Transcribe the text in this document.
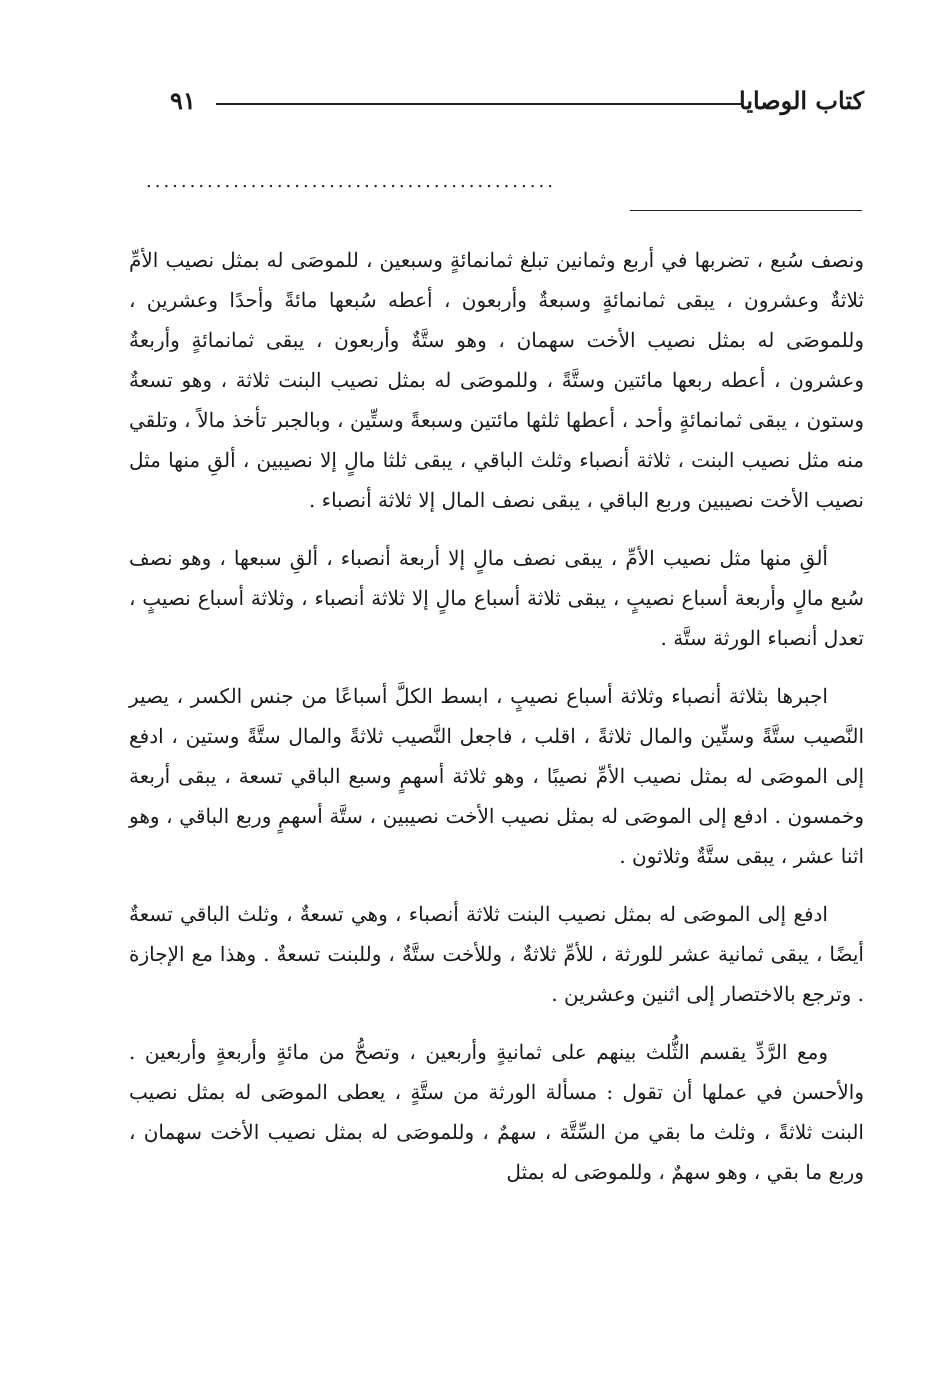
كتاب الوصايا
٩١
...............................................

ونصف سُبع ، تضربها في أربع وثمانين تبلغ ثمانمائةٍ وسبعين ، للموصَى له بمثل نصيب الأمِّ ثلاثةٌ وعشرون ، يبقى ثمانمائةٍ وسبعةٌ وأربعون ، أعطه سُبعها مائةً وأحدًا وعشرين ، وللموصَى له بمثل نصيب الأخت سهمان ، وهو ستَّةٌ وأربعون ، يبقى ثمانمائةٍ وأربعةٌ وعشرون ، أعطه ربعها مائتين وستَّةً ، وللموصَى له بمثل نصيب البنت ثلاثة ، وهو تسعةٌ وستون ، يبقى ثمانمائةٍ وأحد ، أعطها ثلثها مائتين وسبعةً وستِّين ، وبالجبر تأخذ مالاً ، وتلقي منه مثل نصيب البنت ، ثلاثة أنصباء وثلث الباقي ، يبقى ثلثا مالٍ إلا نصيبين ، ألقِ منها مثل نصيب الأخت نصيبين وربع الباقي ، يبقى نصف المال إلا ثلاثة أنصباء .

ألقِ منها مثل نصيب الأمِّ ، يبقى نصف مالٍ إلا أربعة أنصباء ، ألقِ سبعها ، وهو نصف سُبع مالٍ وأربعة أسباع نصيبٍ ، يبقى ثلاثة أسباع مالٍ إلا ثلاثة أنصباء ، وثلاثة أسباع نصيبٍ ، تعدل أنصباء الورثة ستَّة .

اجبرها بثلاثة أنصباء وثلاثة أسباع نصيبٍ ، ابسط الكلَّ أسباعًا من جنس الكسر ، يصير النَّصيب ستَّةً وستِّين والمال ثلاثةً ، اقلب ، فاجعل النَّصيب ثلاثةً والمال ستَّةً وستين ، ادفع إلى الموصَى له بمثل نصيب الأمِّ نصيبًا ، وهو ثلاثة أسهمٍ وسبع الباقي تسعة ، يبقى أربعة وخمسون . ادفع إلى الموصَى له بمثل نصيب الأخت نصيبين ، ستَّة أسهمٍ وربع الباقي ، وهو اثنا عشر ، يبقى ستَّةٌ وثلاثون .

ادفع إلى الموصَى له بمثل نصيب البنت ثلاثة أنصباء ، وهي تسعةٌ ، وثلث الباقي تسعةٌ أيضًا ، يبقى ثمانية عشر للورثة ، للأمِّ ثلاثةٌ ، وللأخت ستَّةٌ ، وللبنت تسعةٌ . وهذا مع الإجازة . وترجع بالاختصار إلى اثنين وعشرين .

ومع الرَّدِّ يقسم الثُّلث بينهم على ثمانيةٍ وأربعين ، وتصحُّ من مائةٍ وأربعةٍ وأربعين . والأحسن في عملها أن تقول : مسألة الورثة من ستَّةٍ ، يعطى الموصَى له بمثل نصيب البنت ثلاثةً ، وثلث ما بقي من السِّتَّة ، سهمٌ ، وللموصَى له بمثل نصيب الأخت سهمان ، وربع ما بقي ، وهو سهمٌ ، وللموصَى له بمثل
